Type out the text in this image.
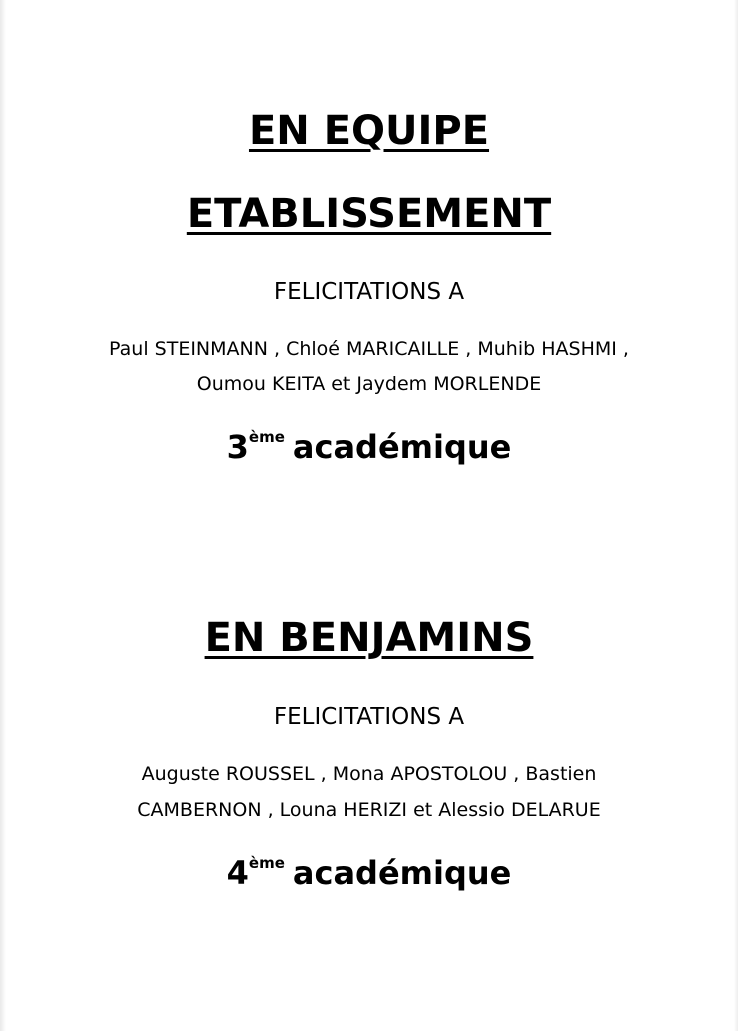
EN EQUIPE
ETABLISSEMENT
FELICITATIONS A
Paul STEINMANN , Chloé MARICAILLE , Muhib HASHMI ,
Oumou KEITA et Jaydem MORLENDE
3ème académique
EN BENJAMINS
FELICITATIONS A
Auguste ROUSSEL , Mona APOSTOLOU , Bastien
CAMBERNON , Louna HERIZI et Alessio DELARUE
4ème académique
